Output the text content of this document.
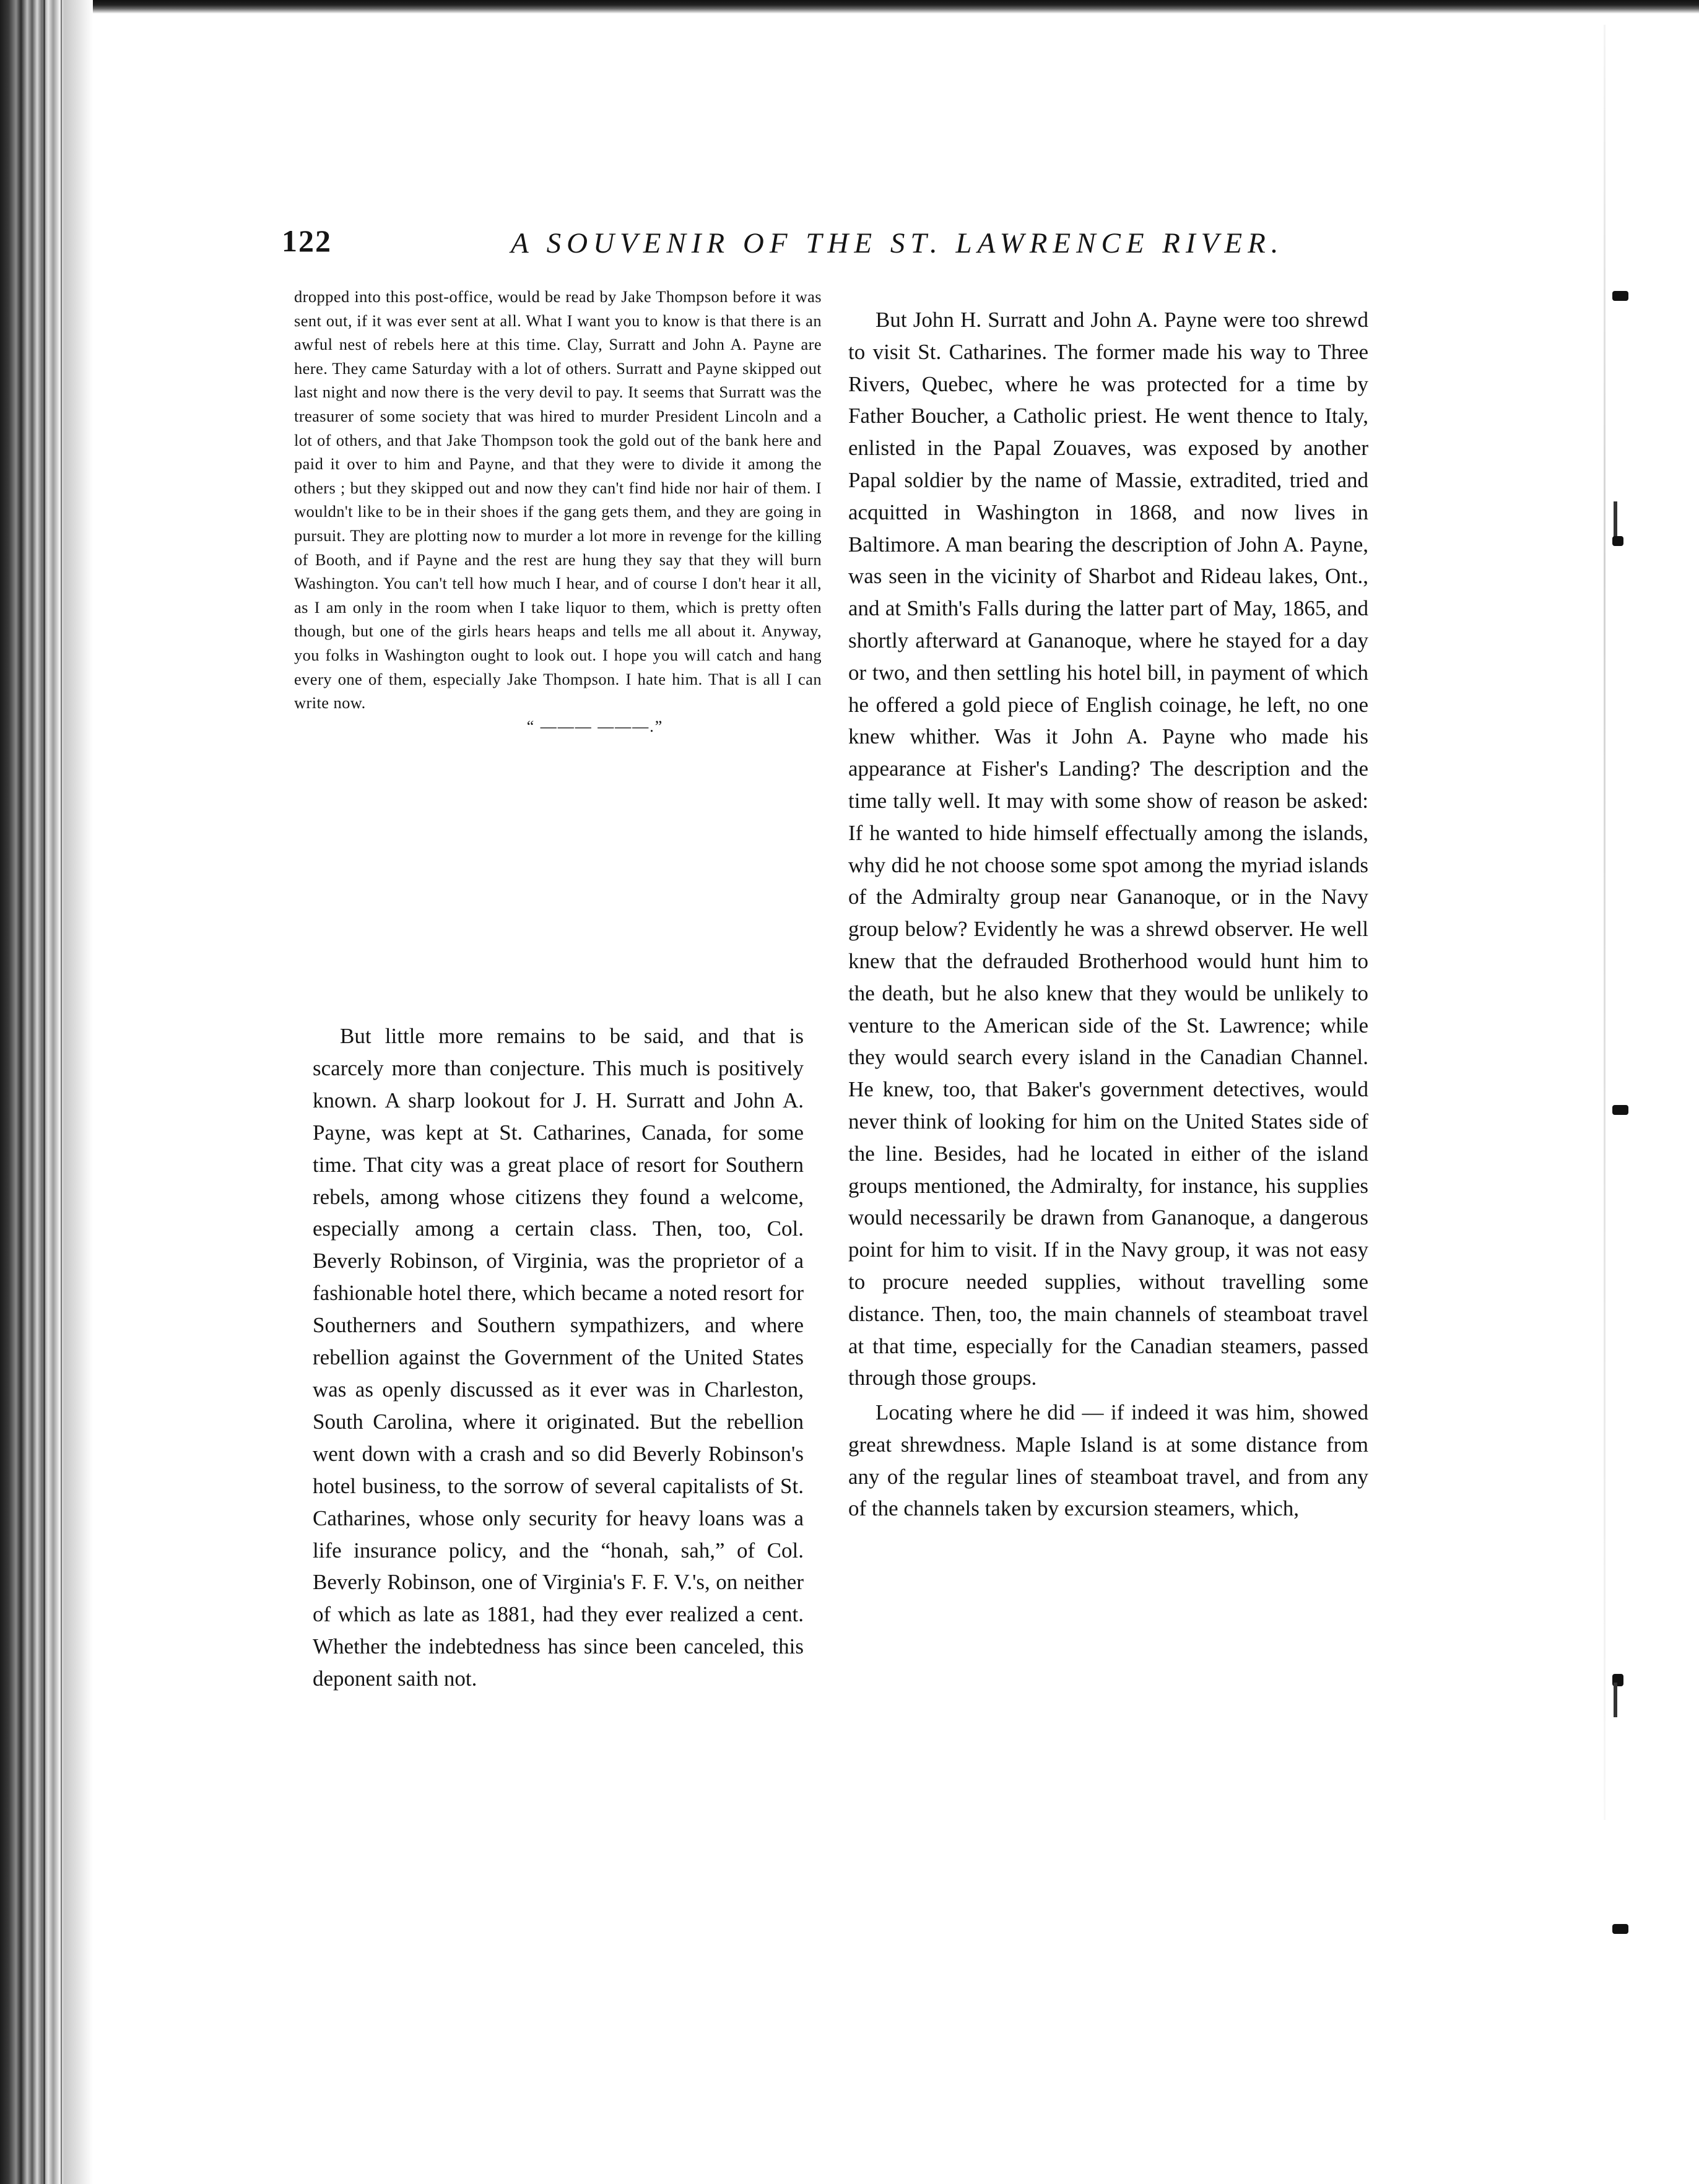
122	A SOUVENIR OF THE ST. LAWRENCE RIVER.

dropped into this post-office, would be read by Jake Thompson before it was sent out, if it was ever sent at all. What I want you to know is that there is an awful nest of rebels here at this time. Clay, Surratt and John A. Payne are here. They came Saturday with a lot of others. Surratt and Payne skipped out last night and now there is the very devil to pay. It seems that Surratt was the treasurer of some society that was hired to murder President Lincoln and a lot of others, and that Jake Thompson took the gold out of the bank here and paid it over to him and Payne, and that they were to divide it among the others ; but they skipped out and now they can't find hide nor hair of them. I wouldn't like to be in their shoes if the gang gets them, and they are going in pursuit. They are plotting now to murder a lot more in revenge for the killing of Booth, and if Payne and the rest are hung they say that they will burn Washington. You can't tell how much I hear, and of course I don't hear it all, as I am only in the room when I take liquor to them, which is pretty often though, but one of the girls hears heaps and tells me all about it. Anyway, you folks in Washington ought to look out. I hope you will catch and hang every one of them, especially Jake Thompson. I hate him. That is all I can write now.

“ ——— ———.”

But little more remains to be said, and that is scarcely more than conjecture. This much is positively known. A sharp lookout for J. H. Surratt and John A. Payne, was kept at St. Catharines, Canada, for some time. That city was a great place of resort for Southern rebels, among whose citizens they found a welcome, especially among a certain class. Then, too, Col. Beverly Robinson, of Virginia, was the proprietor of a fashionable hotel there, which became a noted resort for Southerners and Southern sympathizers, and where rebellion against the Government of the United States was as openly discussed as it ever was in Charleston, South Carolina, where it originated. But the rebellion went down with a crash and so did Beverly Robinson's hotel business, to the sorrow of several capitalists of St. Catharines, whose only security for heavy loans was a life insurance policy, and the “honah, sah,” of Col. Beverly Robinson, one of Virginia's F. F. V.'s, on neither of which as late as 1881, had they ever realized a cent. Whether the indebtedness has since been canceled, this deponent saith not.

But John H. Surratt and John A. Payne were too shrewd to visit St. Catharines. The former made his way to Three Rivers, Quebec, where he was protected for a time by Father Boucher, a Catholic priest. He went thence to Italy, enlisted in the Papal Zouaves, was exposed by another Papal soldier by the name of Massie, extradited, tried and acquitted in Washington in 1868, and now lives in Baltimore. A man bearing the description of John A. Payne, was seen in the vicinity of Sharbot and Rideau lakes, Ont., and at Smith's Falls during the latter part of May, 1865, and shortly afterward at Gananoque, where he stayed for a day or two, and then settling his hotel bill, in payment of which he offered a gold piece of English coinage, he left, no one knew whither. Was it John A. Payne who made his appearance at Fisher's Landing? The description and the time tally well. It may with some show of reason be asked: If he wanted to hide himself effectually among the islands, why did he not choose some spot among the myriad islands of the Admiralty group near Gananoque, or in the Navy group below? Evidently he was a shrewd observer. He well knew that the defrauded Brotherhood would hunt him to the death, but he also knew that they would be unlikely to venture to the American side of the St. Lawrence; while they would search every island in the Canadian Channel. He knew, too, that Baker's government detectives, would never think of looking for him on the United States side of the line. Besides, had he located in either of the island groups mentioned, the Admiralty, for instance, his supplies would necessarily be drawn from Gananoque, a dangerous point for him to visit. If in the Navy group, it was not easy to procure needed supplies, without travelling some distance. Then, too, the main channels of steamboat travel at that time, especially for the Canadian steamers, passed through those groups.

Locating where he did — if indeed it was him, showed great shrewdness. Maple Island is at some distance from any of the regular lines of steamboat travel, and from any of the channels taken by excursion steamers, which,
